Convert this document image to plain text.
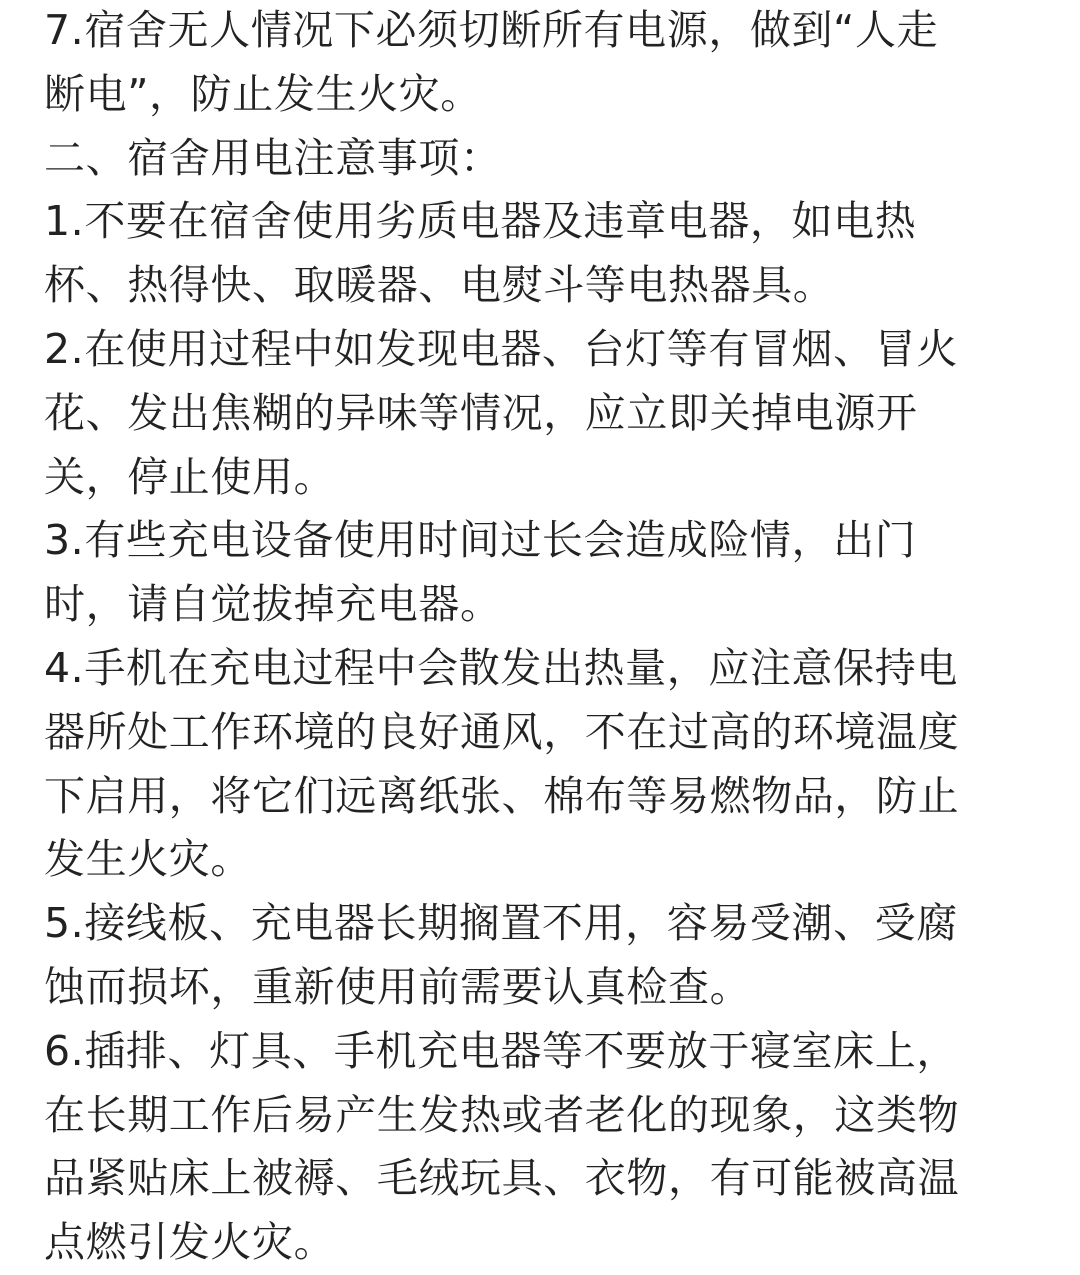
7.宿舍无人情况下必须切断所有电源，做到“人走
断电”，防止发生火灾。
二、宿舍用电注意事项：
1.不要在宿舍使用劣质电器及违章电器，如电热
杯、热得快、取暖器、电熨斗等电热器具。
2.在使用过程中如发现电器、台灯等有冒烟、冒火
花、发出焦糊的异味等情况，应立即关掉电源开
关，停止使用。
3.有些充电设备使用时间过长会造成险情，出门
时，请自觉拔掉充电器。
4.手机在充电过程中会散发出热量，应注意保持电
器所处工作环境的良好通风，不在过高的环境温度
下启用，将它们远离纸张、棉布等易燃物品，防止
发生火灾。
5.接线板、充电器长期搁置不用，容易受潮、受腐
蚀而损坏，重新使用前需要认真检查。
6.插排、灯具、手机充电器等不要放于寝室床上，
在长期工作后易产生发热或者老化的现象，这类物
品紧贴床上被褥、毛绒玩具、衣物，有可能被高温
点燃引发火灾。
